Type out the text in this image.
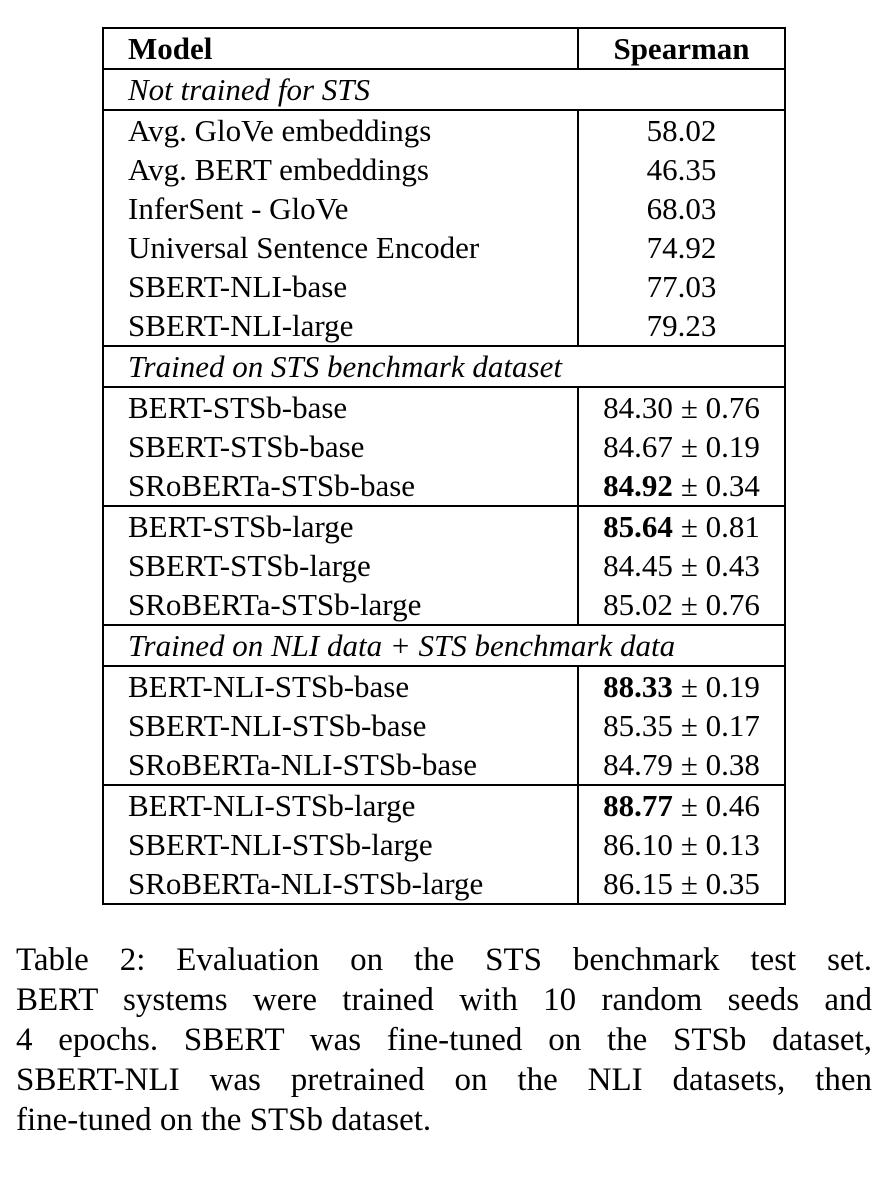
Model	Spearman
Not trained for STS	
Avg. GloVe embeddings	58.02
Avg. BERT embeddings	46.35
InferSent - GloVe	68.03
Universal Sentence Encoder	74.92
SBERT-NLI-base	77.03
SBERT-NLI-large	79.23
Trained on STS benchmark dataset	
BERT-STSb-base	84.30 ± 0.76
SBERT-STSb-base	84.67 ± 0.19
SRoBERTa-STSb-base	84.92 ± 0.34
BERT-STSb-large	85.64 ± 0.81
SBERT-STSb-large	84.45 ± 0.43
SRoBERTa-STSb-large	85.02 ± 0.76
Trained on NLI data + STS benchmark data	
BERT-NLI-STSb-base	88.33 ± 0.19
SBERT-NLI-STSb-base	85.35 ± 0.17
SRoBERTa-NLI-STSb-base	84.79 ± 0.38
BERT-NLI-STSb-large	88.77 ± 0.46
SBERT-NLI-STSb-large	86.10 ± 0.13
SRoBERTa-NLI-STSb-large	86.15 ± 0.35
Table 2: Evaluation on the STS benchmark test set.
BERT systems were trained with 10 random seeds and
4 epochs. SBERT was fine-tuned on the STSb dataset,
SBERT-NLI was pretrained on the NLI datasets, then
fine-tuned on the STSb dataset.
